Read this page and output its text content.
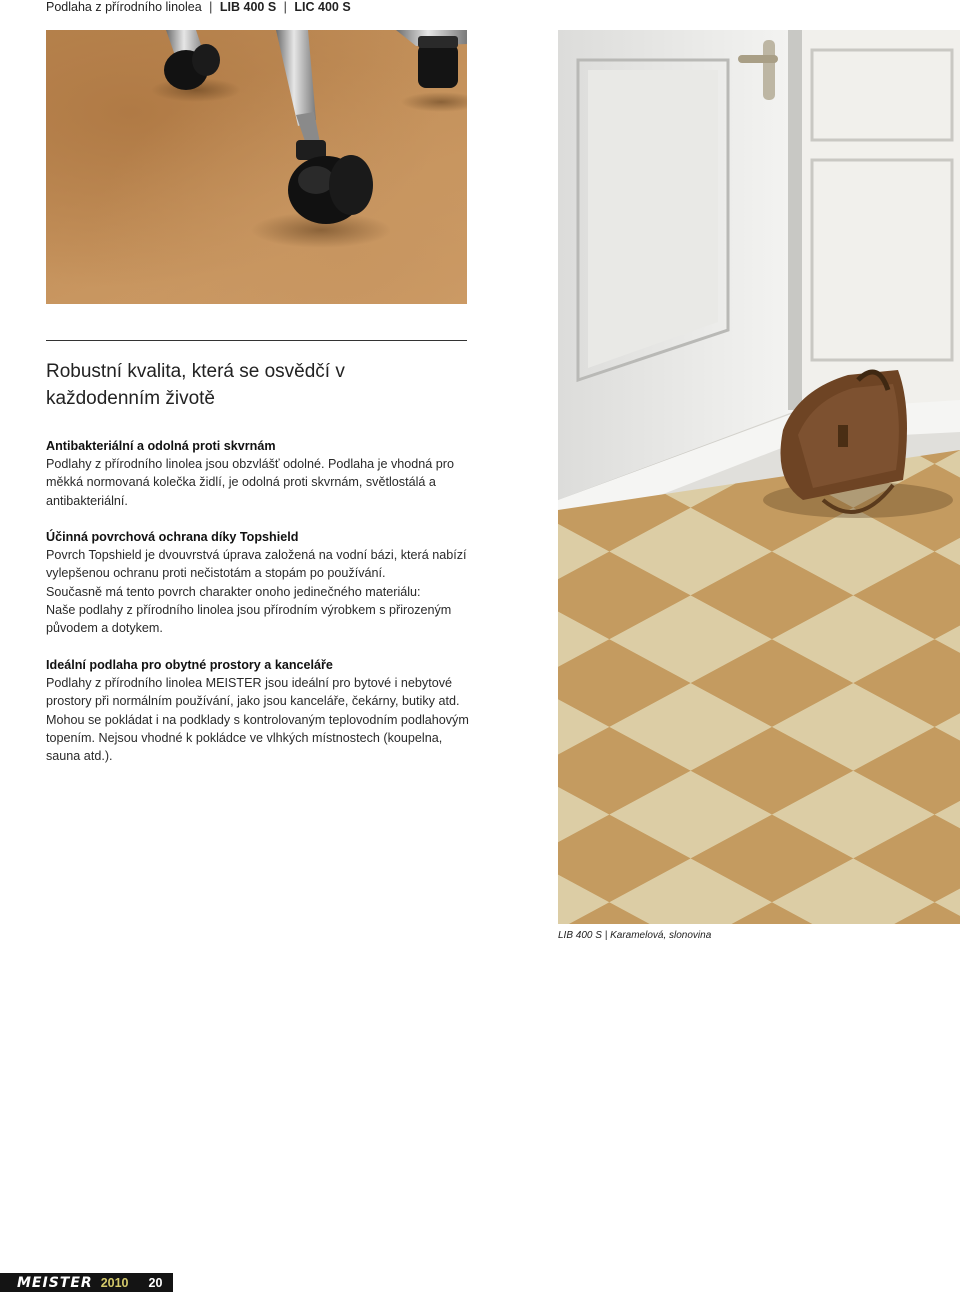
Podlaha z přírodního linolea | LIB 400 S | LIC 400 S
LIB 400 S | Karamelová, slonovina
Robustní kvalita, která se osvědčí v každodenním životě
Antibakteriální a odolná proti skvrnám

Podlahy z přírodního linolea jsou obzvlášť odolné. Podlaha je vhodná pro měkká normovaná kolečka židlí, je odolná proti skvrnám, světlostálá a antibakteriální.

Účinná povrchová ochrana díky Topshield

Povrch Topshield je dvouvrstvá úprava založená na vodní bázi, která nabízí vylepšenou ochranu proti nečistotám a stopám po používání.

Současně má tento povrch charakter onoho jedinečného materiálu:

Naše podlahy z přírodního linolea jsou přírodním výrobkem s přirozeným původem a dotykem.

Ideální podlaha pro obytné prostory a kanceláře

Podlahy z přírodního linolea MEISTER jsou ideální pro bytové i nebytové prostory při normálním používání, jako jsou kanceláře, čekárny, butiky atd. Mohou se pokládat i na podklady s kontrolovaným teplovodním podlahovým topením. Nejsou vhodné k pokládce ve vlhkých místnostech (koupelna, sauna atd.).

MEISTER 2010 20
